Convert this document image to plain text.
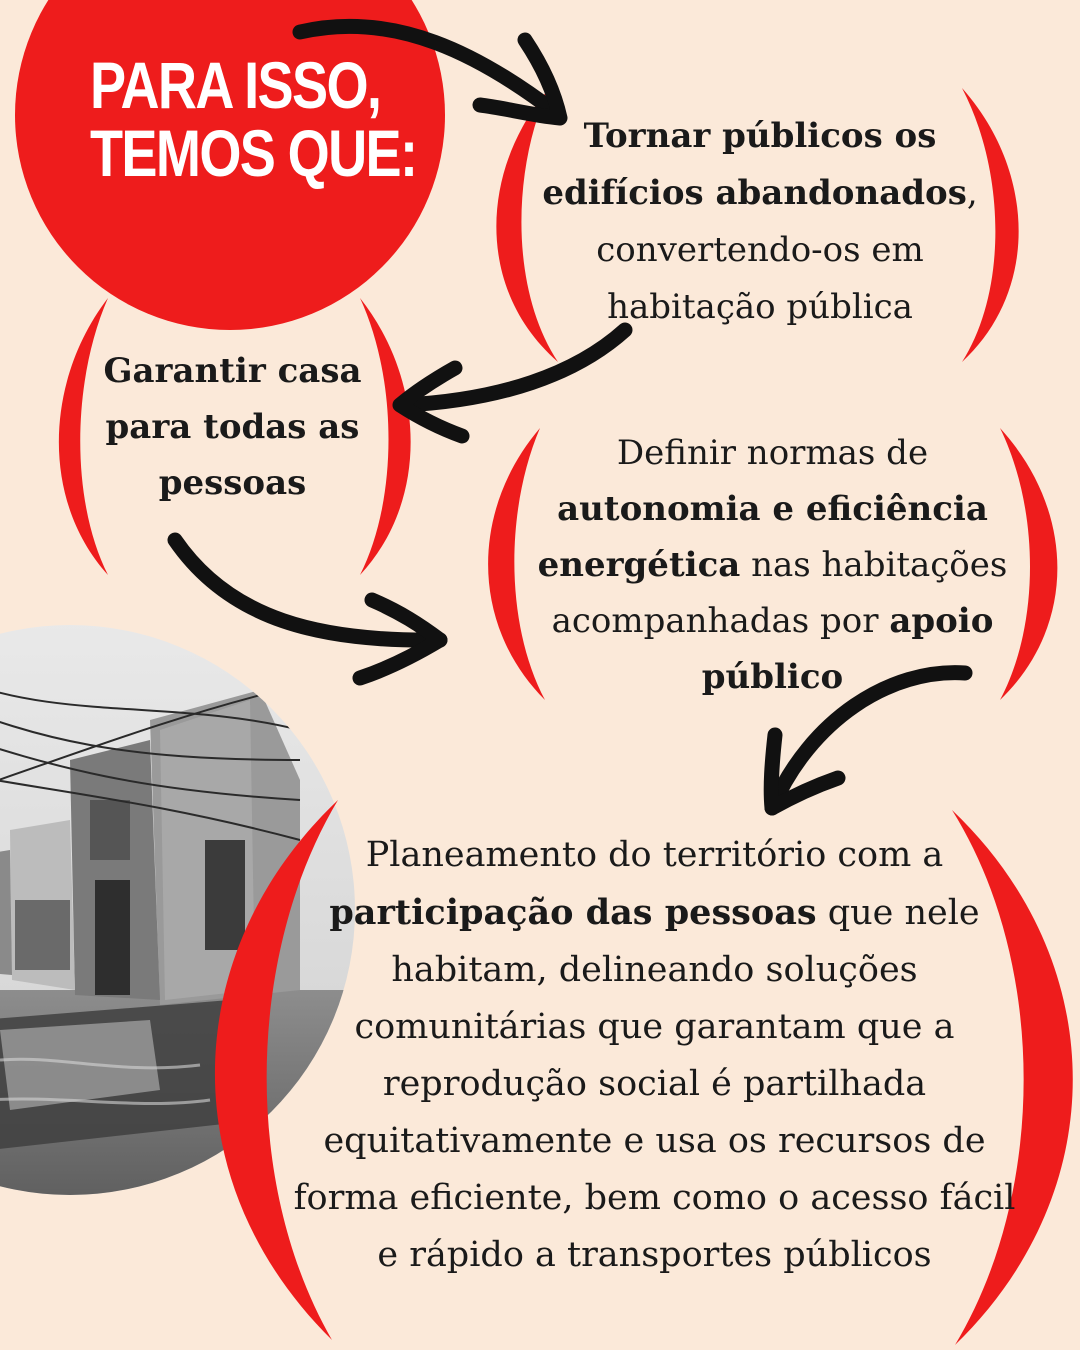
PARA ISSO,
TEMOS QUE:	Tornar públicos os edifícios abandonados, convertendo-os em habitação pública
Garantir casa para todas as pessoas
Definir normas de autonomia e eficiência energética nas habitações acompanhadas por apoio público
Planeamento do território com a participação das pessoas que nele habitam, delineando soluções comunitárias que garantam que a reprodução social é partilhada equitativamente e usa os recursos de forma eficiente, bem como o acesso fácil e rápido a transportes públicos
